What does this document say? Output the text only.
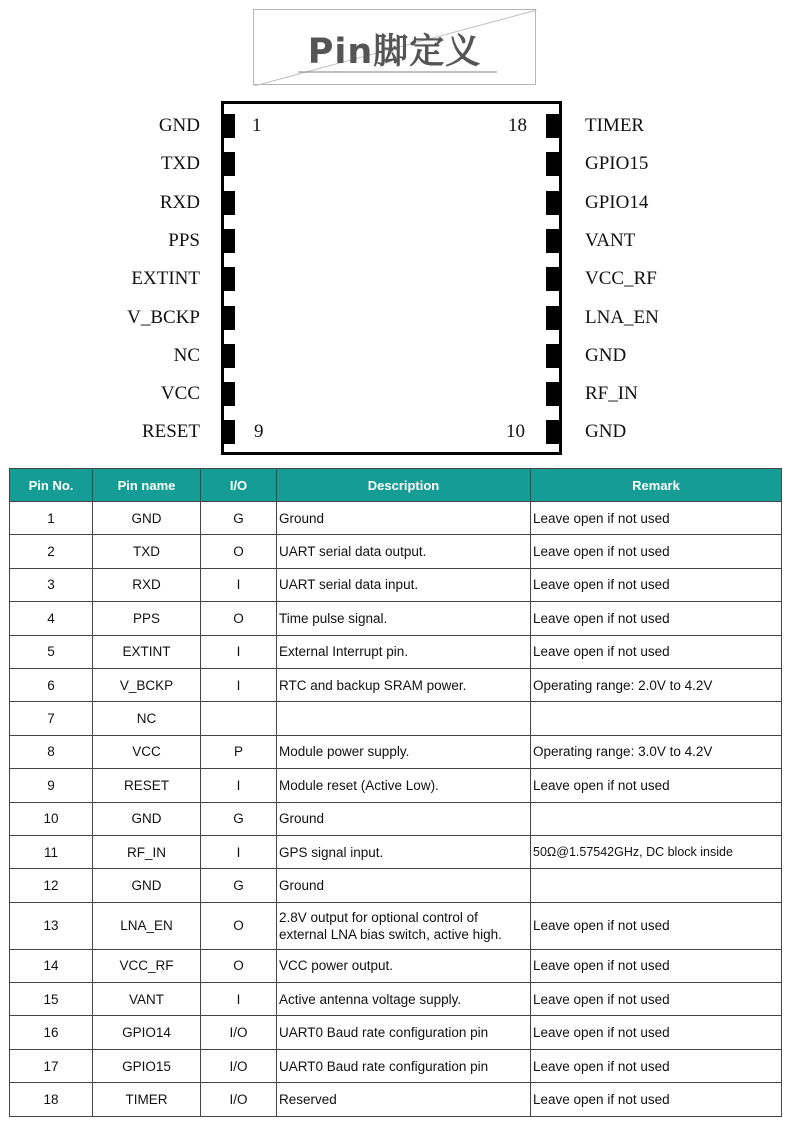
Pin脚定义
1	18
9	10
GND
TXD
RXD
PPS
EXTINT
V_BCKP
NC
VCC
RESET
TIMER
GPIO15
GPIO14
VANT
VCC_RF
LNA_EN
GND
RF_IN
GND
Pin No.	Pin name	I/O	Description	Remark
1	GND	G	Ground	Leave open if not used
2	TXD	O	UART serial data output.	Leave open if not used
3	RXD	I	UART serial data input.	Leave open if not used
4	PPS	O	Time pulse signal.	Leave open if not used
5	EXTINT	I	External Interrupt pin.	Leave open if not used
6	V_BCKP	I	RTC and backup SRAM power.	Operating range: 2.0V to 4.2V
7	NC			
8	VCC	P	Module power supply.	Operating range: 3.0V to 4.2V
9	RESET	I	Module reset (Active Low).	Leave open if not used
10	GND	G	Ground	
11	RF_IN	I	GPS signal input.	50Ω@1.57542GHz, DC block inside
12	GND	G	Ground	
13	LNA_EN	O	2.8V output for optional control of external LNA bias switch, active high.	Leave open if not used
14	VCC_RF	O	VCC power output.	Leave open if not used
15	VANT	I	Active antenna voltage supply.	Leave open if not used
16	GPIO14	I/O	UART0 Baud rate configuration pin	Leave open if not used
17	GPIO15	I/O	UART0 Baud rate configuration pin	Leave open if not used
18	TIMER	I/O	Reserved	Leave open if not used
